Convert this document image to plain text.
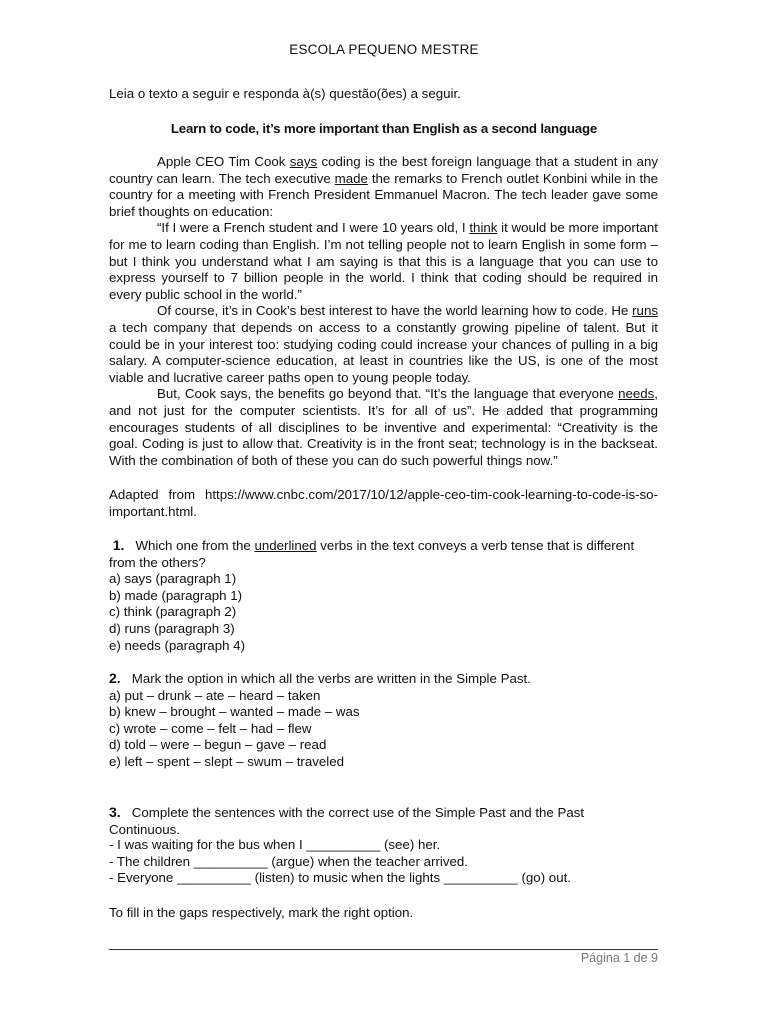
ESCOLA PEQUENO MESTRE
Leia o texto a seguir e responda à(s) questão(ões) a seguir.
Learn to code, it’s more important than English as a second language

Apple CEO Tim Cook says coding is the best foreign language that a student in any country can learn. The tech executive made the remarks to French outlet Konbini while in the country for a meeting with French President Emmanuel Macron. The tech leader gave some brief thoughts on education:

“If I were a French student and I were 10 years old, I think it would be more important for me to learn coding than English. I’m not telling people not to learn English in some form – but I think you understand what I am saying is that this is a language that you can use to express yourself to 7 billion people in the world. I think that coding should be required in every public school in the world.”

Of course, it’s in Cook’s best interest to have the world learning how to code. He runs a tech company that depends on access to a constantly growing pipeline of talent. But it could be in your interest too: studying coding could increase your chances of pulling in a big salary. A computer-science education, at least in countries like the US, is one of the most viable and lucrative career paths open to young people today.

But, Cook says, the benefits go beyond that. “It’s the language that everyone needs, and not just for the computer scientists. It’s for all of us”. He added that programming encourages students of all disciplines to be inventive and experimental: “Creativity is the goal. Coding is just to allow that. Creativity is in the front seat; technology is in the backseat. With the combination of both of these you can do such powerful things now.”

Adapted from https://www.cnbc.com/2017/10/12/apple-ceo-tim-cook-learning-to-code-is-so-
important.html.
1. Which one from the underlined verbs in the text conveys a verb tense that is different from the others?
a) says (paragraph 1)
b) made (paragraph 1)
c) think (paragraph 2)
d) runs (paragraph 3)
e) needs (paragraph 4)
2. Mark the option in which all the verbs are written in the Simple Past.
a) put – drunk – ate – heard – taken
b) knew – brought – wanted – made – was
c) wrote – come – felt – had – flew
d) told – were – begun – gave – read
e) left – spent – slept – swum – traveled
3. Complete the sentences with the correct use of the Simple Past and the Past Continuous.
- I was waiting for the bus when I __________ (see) her.
- The children __________ (argue) when the teacher arrived.
- Everyone __________ (listen) to music when the lights __________ (go) out.
To fill in the gaps respectively, mark the right option.
Página 1 de 9
